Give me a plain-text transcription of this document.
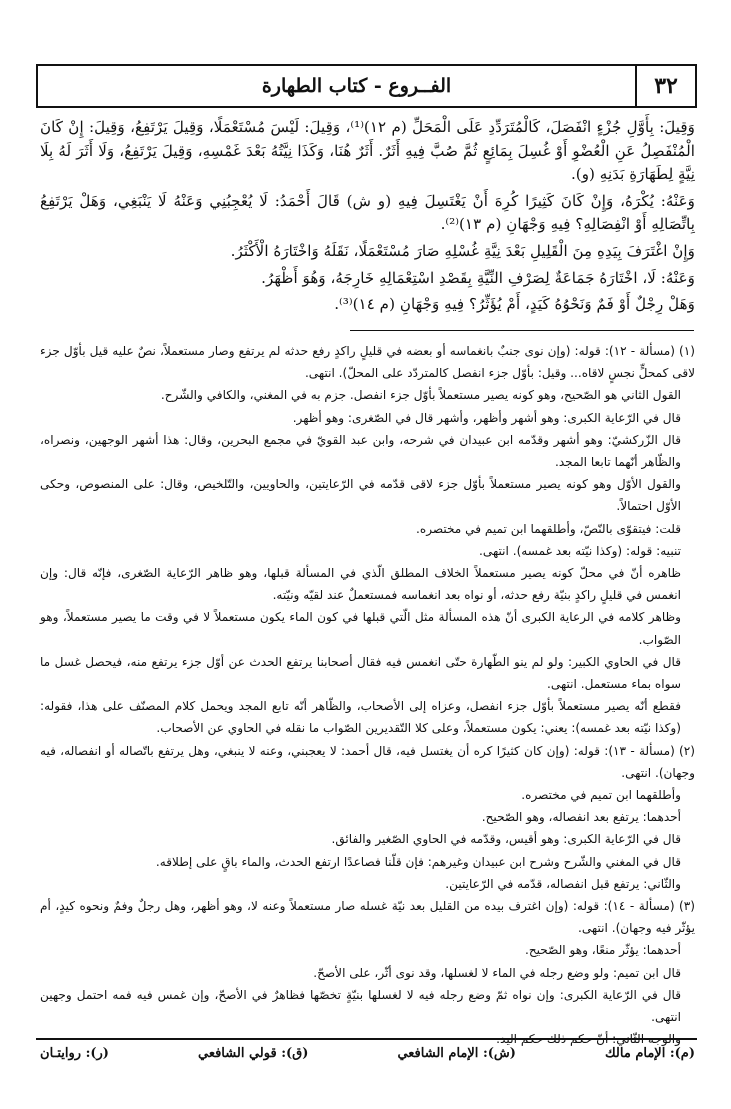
٣٢
الفــروع - كتاب الطهارة

وَقِيلَ: بِأَوَّلِ جُزْءٍ انْفَصَلَ، كَالْمُتَرَدِّدِ عَلَى الْمَحَلِّ (م ١٢)⁽¹⁾، وَقِيلَ: لَيْسَ مُسْتَعْمَلًا، وَقِيلَ يَرْتَفِعُ، وَقِيلَ: إِنْ كَانَ الْمُنْفَصِلُ عَنِ الْعُضْوِ أَوْ غُسِلَ بِمَائِعٍ ثُمَّ صُبَّ فِيهِ أَثَرٌ. أَثَرٌ هُنَا، وَكَذَا نِيَّتُهُ بَعْدَ غَمْسِهِ، وَقِيلَ يَرْتَفِعُ، وَلَا أَثَرَ لَهُ بِلَا نِيَّةٍ لِطَهَارَةِ بَدَنِهِ (و).

وَعَنْهُ: يُكْرَهُ، وَإِنْ كَانَ كَثِيرًا كُرِهَ أَنْ يَغْتَسِلَ فِيهِ (و ش) قَالَ أَحْمَدُ: لَا يُعْجِبُنِي وَعَنْهُ لَا يَنْبَغِي، وَهَلْ يَرْتَفِعُ بِاتِّصَالِهِ أَوْ انْفِصَالِهِ؟ فِيهِ وَجْهَانِ (م ١٣)⁽²⁾.

وَإِنْ اغْتَرَفَ بِيَدِهِ مِنَ الْقَلِيلِ بَعْدَ نِيَّةِ غُسْلِهِ صَارَ مُسْتَعْمَلًا، نَقَلَهُ وَاخْتَارَهُ الْأَكْثَرُ.

وَعَنْهُ: لَا، اخْتَارَهُ جَمَاعَةٌ لِصَرْفِ النِّيَّةِ بِقَصْدِ اسْتِعْمَالِهِ خَارِجَهُ، وَهُوَ أَظْهَرُ.

وَهَلْ رِجْلٌ أَوْ فَمٌ وَنَحْوُهُ كَيَدٍ، أَمْ يُؤَثِّرُ؟ فِيهِ وَجْهَانِ (م ١٤)⁽³⁾.

(١) (مسألة - ١٢): قوله: (وإن نوى جنبٌ بانغماسه أو بعضه في قليلٍ راكدٍ رفع حدثه لم يرتفع وصار مستعملاً، نصٌ عليه قيل بأوّل جزء لاقى كمحلٍّ نجسٍ لاقاه... وقيل: بأوّل جزء انفصل كالمتردّد على المحلّ). انتهى.

القول الثاني هو الصّحيح، وهو كونه يصير مستعملاً بأوّل جزء انفصل. جزم به في المغني، والكافي والشّرح.

قال في الرّعاية الكبرى: وهو أشهر وأظهر، وأشهر قال في الصّغرى: وهو أظهر.

قال الزّركشيّ: وهو أشهر وقدّمه ابن عبيدان في شرحه، وابن عبد القويّ في مجمع البحرين، وقال: هذا أشهر الوجهين، ونصراه، والظّاهر أنّهما تابعا المجد.

والقول الأوّل وهو كونه يصير مستعملاً بأوّل جزء لاقى قدّمه في الرّعايتين، والحاويين، والتّلخيص، وقال: على المنصوص، وحكى الأوّل احتمالاً.

قلت: فيتقوّى بالنّصّ، وأطلقهما ابن تميم في مختصره.

تنبيه: قوله: (وكذا نيّته بعد غمسه). انتهى.

ظاهره أنّ في محلّ كونه يصير مستعملاً الخلاف المطلق الّذي في المسألة قبلها، وهو ظاهر الرّعاية الصّغرى، فإنّه قال: وإن انغمس في قليلٍ راكدٍ بنيّة رفع حدثه، أو نواه بعد انغماسه فمستعملٌ عند لقيّه ونيّته.

وظاهر كلامه في الرعاية الكبرى أنّ هذه المسألة مثل الّتي قبلها في كون الماء يكون مستعملاً لا في وقت ما يصير مستعملاً، وهو الصّواب.

قال في الحاوي الكبير: ولو لم ينو الطّهارة حتّى انغمس فيه فقال أصحابنا يرتفع الحدث عن أوّل جزء يرتفع منه، فيحصل غسل ما سواه بماء مستعمل. انتهى.

فقطع أنّه يصير مستعملاً بأوّل جزء انفصل، وعزاه إلى الأصحاب، والظّاهر أنّه تابع المجد ويحمل كلام المصنّف على هذا، فقوله: (وكذا نيّته بعد غمسه): يعني: يكون مستعملاً، وعلى كلا التّقديرين الصّواب ما نقله في الحاوي عن الأصحاب.

(٢) (مسألة - ١٣): قوله: (وإن كان كثيرًا كره أن يغتسل فيه، قال أحمد: لا يعجبني، وعنه لا ينبغي، وهل يرتفع باتّصاله أو انفصاله، فيه وجهان). انتهى.

وأطلقهما ابن تميم في مختصره.

أحدهما: يرتفع بعد انفصاله، وهو الصّحيح.

قال في الرّعاية الكبرى: وهو أقيس، وقدّمه في الحاوي الصّغير والفائق.

قال في المغني والشّرح وشرح ابن عبيدان وغيرهم: فإن قلّنا فصاعدًا ارتفع الحدث، والماء باقٍ على إطلاقه.

والثّاني: يرتفع قبل انفصاله، قدّمه في الرّعايتين.

(٣) (مسألة - ١٤): قوله: (وإن اغترف بيده من القليل بعد نيّة غسله صار مستعملاً وعنه لا، وهو أظهر، وهل رجلٌ وفمٌ ونحوه كيدٍ، أم يؤثّر فيه وجهان). انتهى.

أحدهما: يؤثّر منعًا، وهو الصّحيح.

قال ابن تميم: ولو وضع رجله في الماء لا لغسلها، وقد نوى أثّر، على الأصحّ.

قال في الرّعاية الكبرى: وإن نواه ثمّ وضع رجله فيه لا لغسلها بنيّةٍ تخصّها فظاهرٌ في الأصحّ، وإن غمس فيه فمه احتمل وجهين انتهى.

والوجه الثّاني: أنّ حكم ذلك حكم اليد.

(م): الإمام مالك
(ش): الإمام الشافعي
(ق): قولي الشافعي
(ر): روايتـان
